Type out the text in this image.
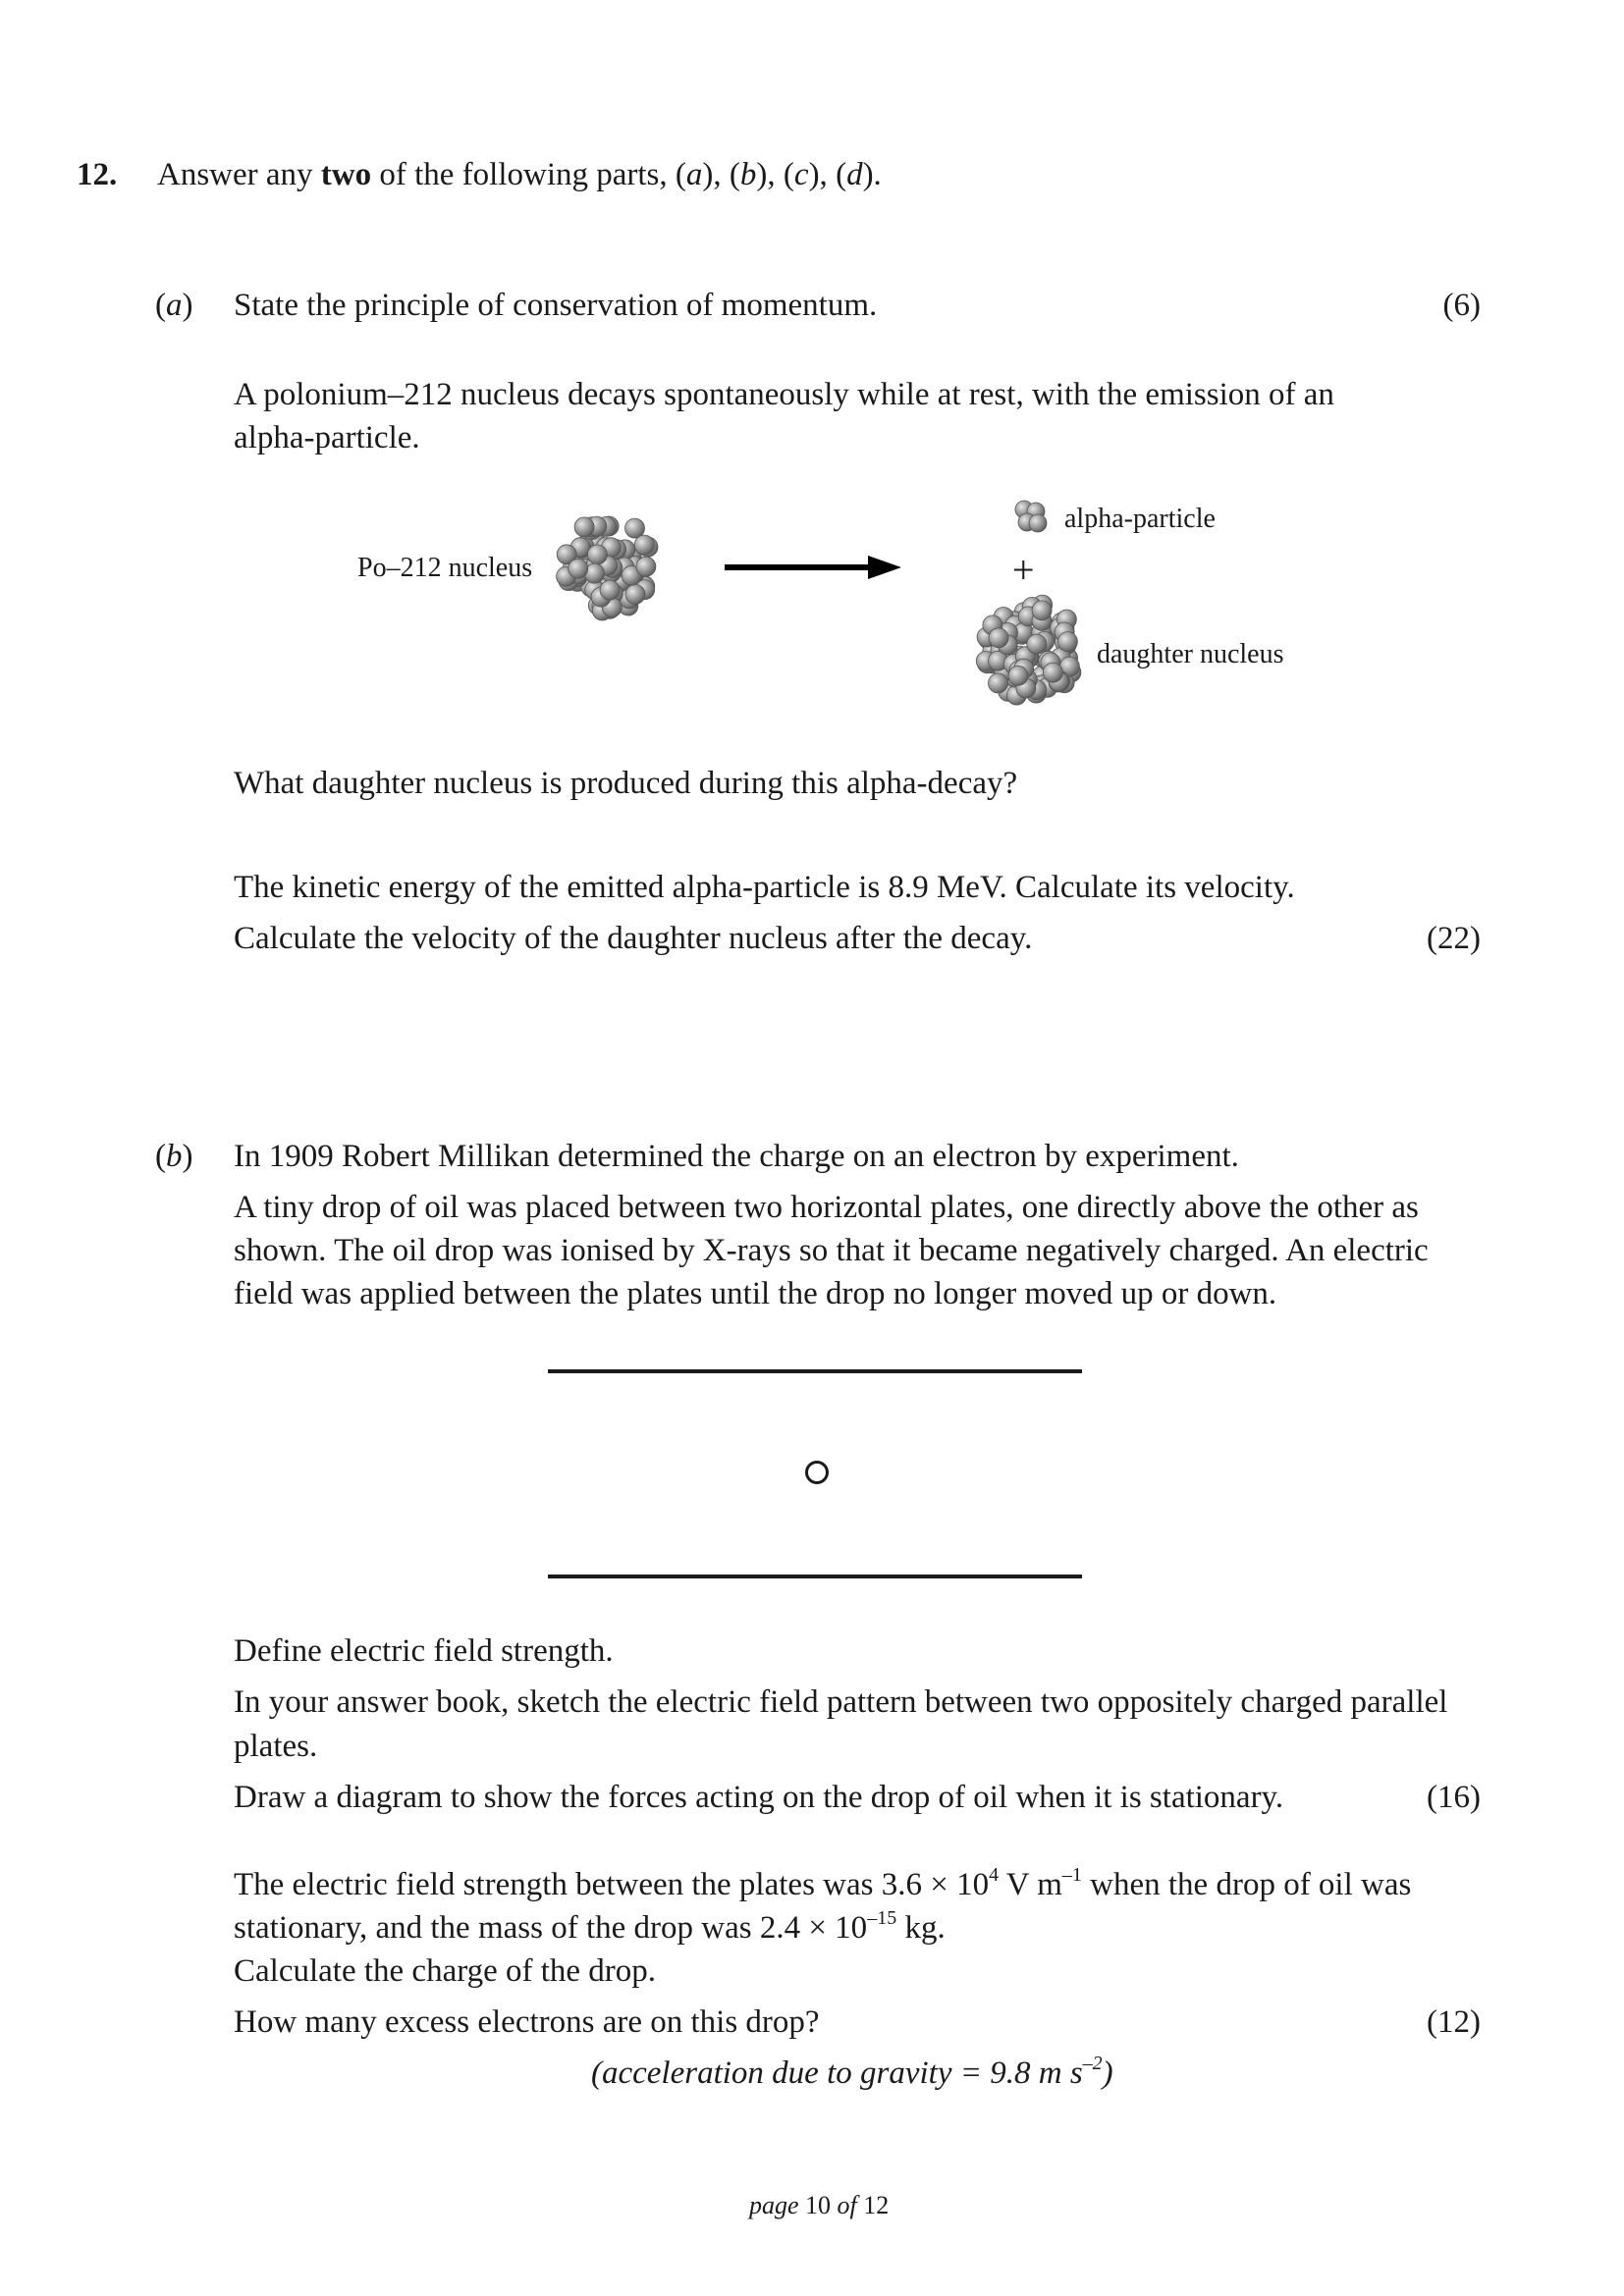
12. Answer any two of the following parts, (a), (b), (c), (d).
(a) State the principle of conservation of momentum.	(6)
A polonium–212 nucleus decays spontaneously while at rest, with the emission of an
alpha-particle.
Po–212 nucleus
alpha-particle
daughter nucleus
+
What daughter nucleus is produced during this alpha-decay?
The kinetic energy of the emitted alpha-particle is 8.9 MeV. Calculate its velocity.
Calculate the velocity of the daughter nucleus after the decay.	(22)
(b) In 1909 Robert Millikan determined the charge on an electron by experiment.
A tiny drop of oil was placed between two horizontal plates, one directly above the other as
shown. The oil drop was ionised by X-rays so that it became negatively charged. An electric
field was applied between the plates until the drop no longer moved up or down.
Define electric field strength.
In your answer book, sketch the electric field pattern between two oppositely charged parallel
plates.
Draw a diagram to show the forces acting on the drop of oil when it is stationary.	(16)
The electric field strength between the plates was $3.6 \times 10^4$ V $m^{-1}$ when the drop of oil was
stationary, and the mass of the drop was $2.4 \times 10^{-15}$ kg.
Calculate the charge of the drop.
How many excess electrons are on this drop?	(12)
(acceleration due to gravity = 9.8 m $s^{-2}$)
page 10 of 12
